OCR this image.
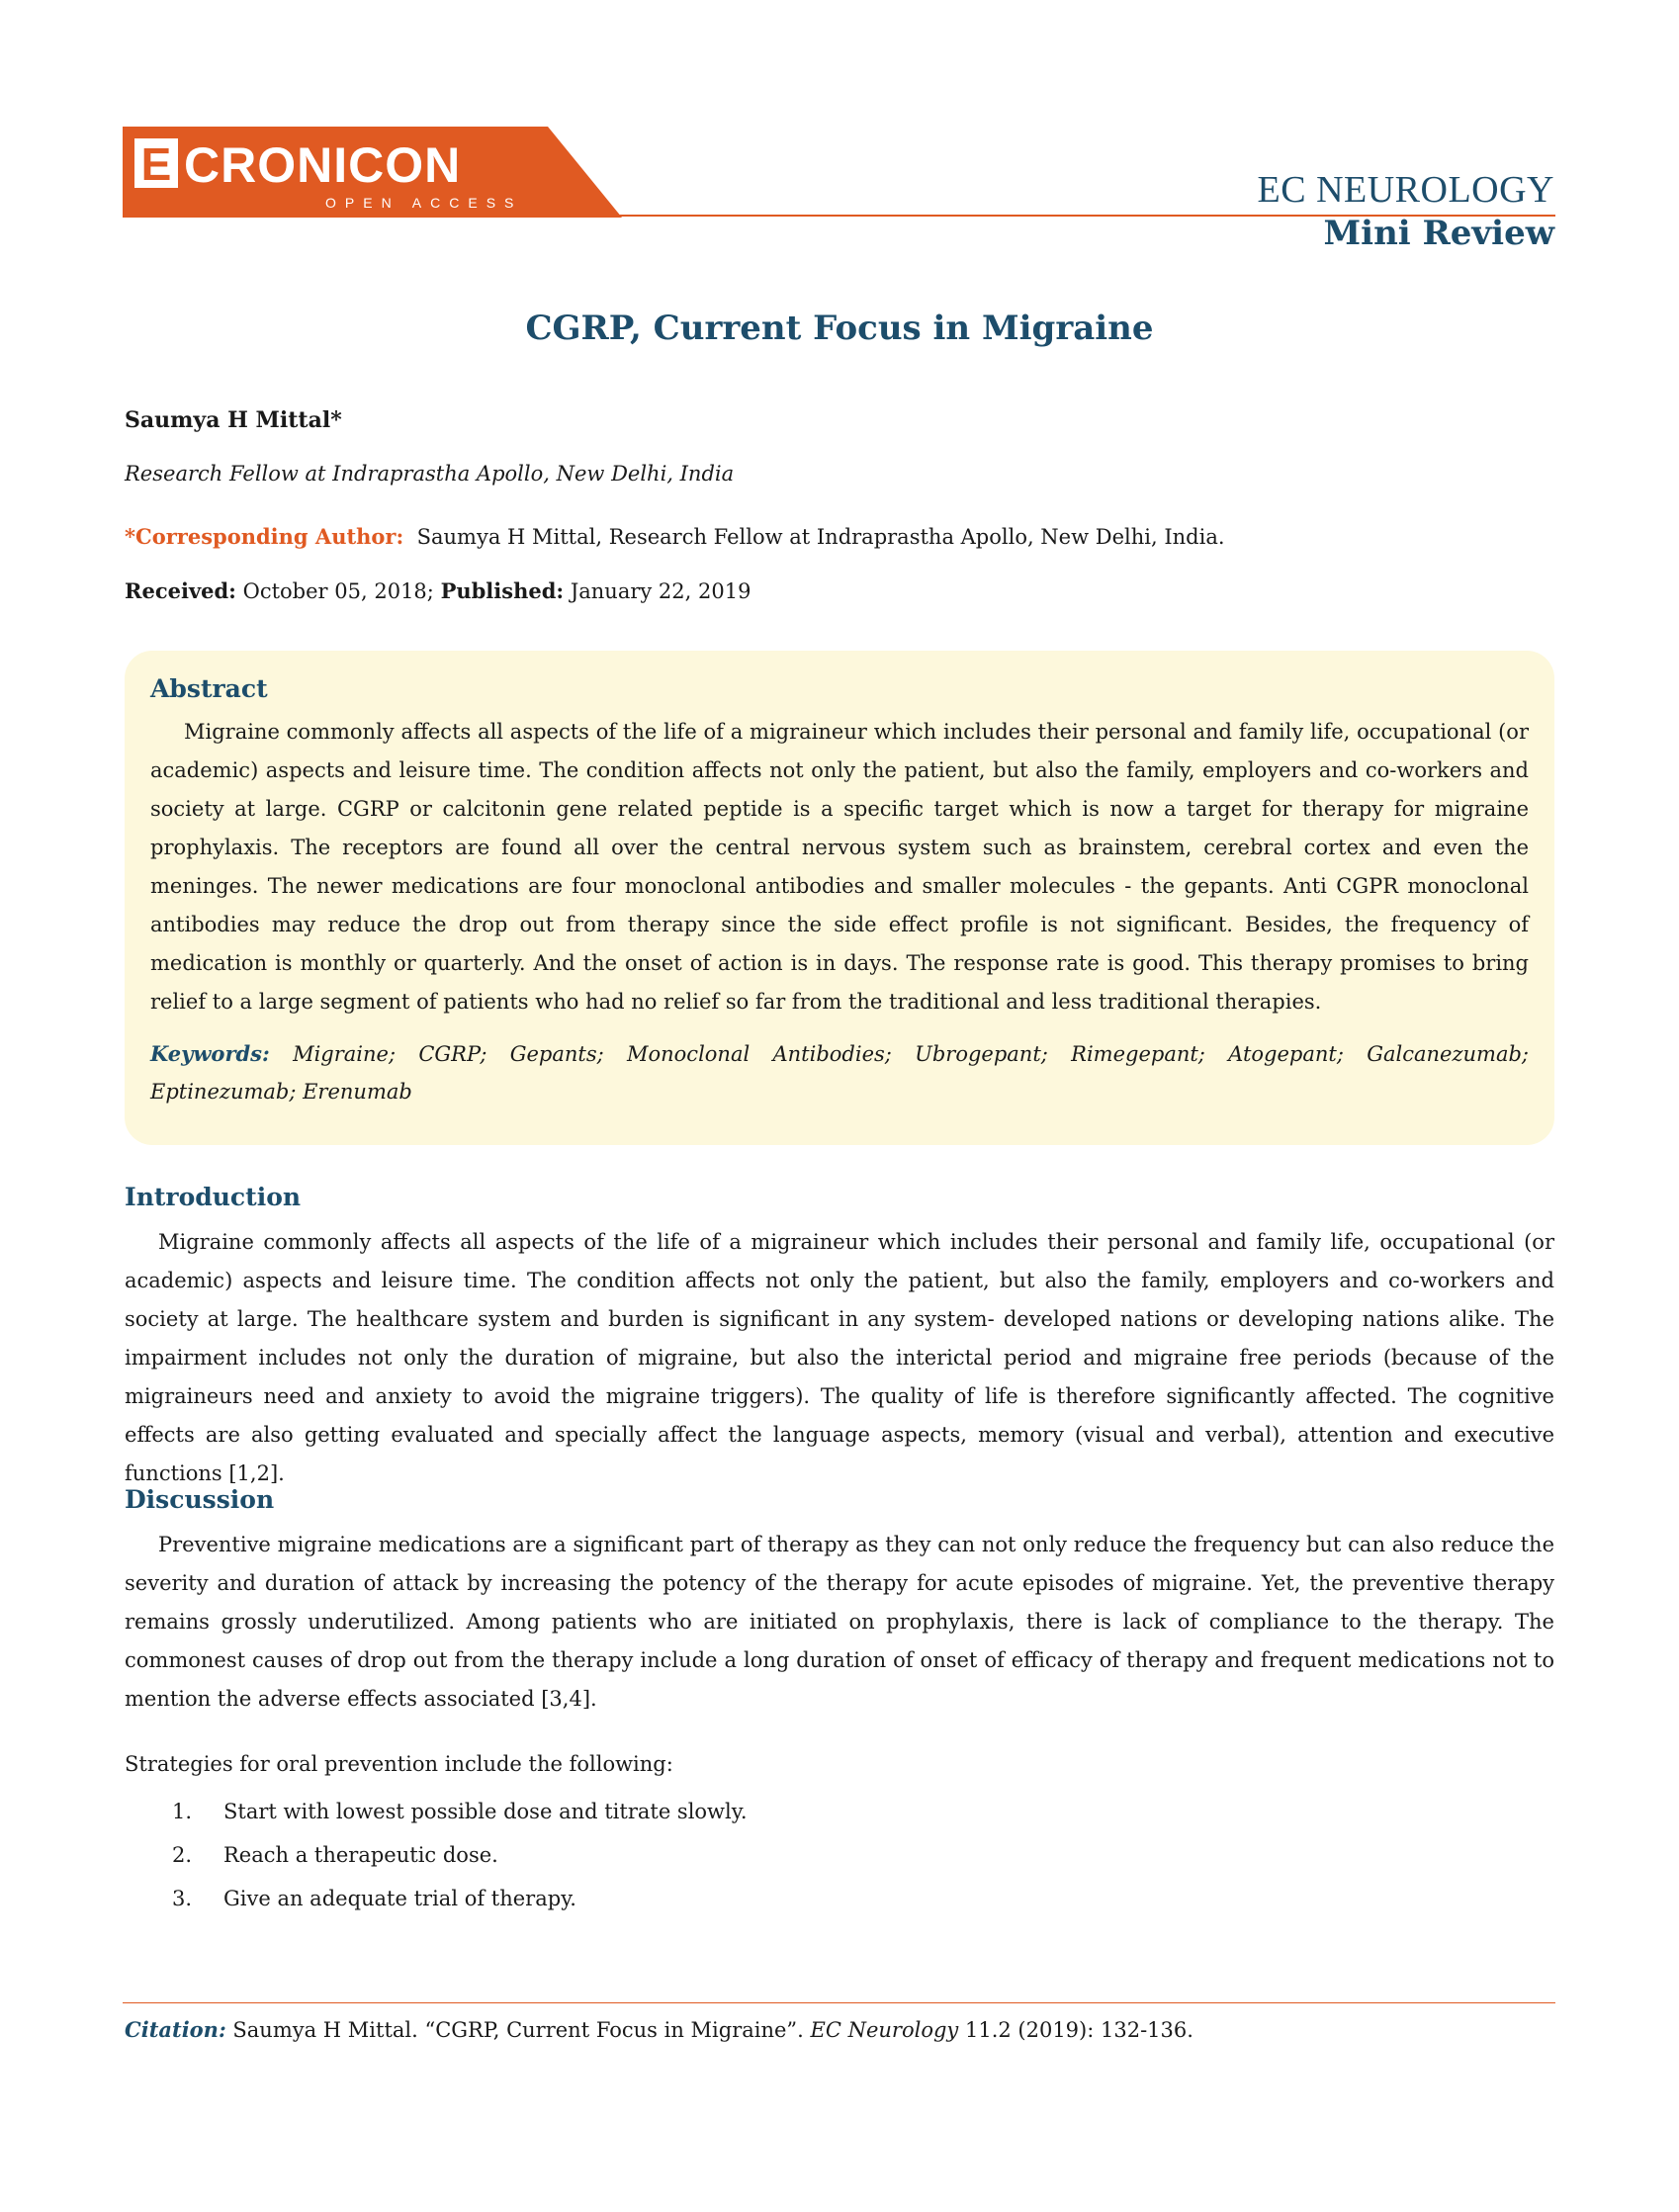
E CRONICON
OPEN ACCESS	EC NEUROLOGY
Mini Review
CGRP, Current Focus in Migraine
Saumya H Mittal*
Research Fellow at Indraprastha Apollo, New Delhi, India
*Corresponding Author: Saumya H Mittal, Research Fellow at Indraprastha Apollo, New Delhi, India.
Received: October 05, 2018; Published: January 22, 2019
Abstract

Migraine commonly affects all aspects of the life of a migraineur which includes their personal and family life, occupational (or academic) aspects and leisure time. The condition affects not only the patient, but also the family, employers and co-workers and society at large. CGRP or calcitonin gene related peptide is a specific target which is now a target for therapy for migraine prophylaxis. The receptors are found all over the central nervous system such as brainstem, cerebral cortex and even the meninges. The newer medications are four monoclonal antibodies and smaller molecules - the gepants. Anti CGPR monoclonal antibodies may reduce the drop out from therapy since the side effect profile is not significant. Besides, the frequency of medication is monthly or quarterly. And the onset of action is in days. The response rate is good. This therapy promises to bring relief to a large segment of patients who had no relief so far from the traditional and less traditional therapies.

Keywords: Migraine; CGRP; Gepants; Monoclonal Antibodies; Ubrogepant; Rimegepant; Atogepant; Galcanezumab; Eptinezumab; Erenumab

Introduction

Migraine commonly affects all aspects of the life of a migraineur which includes their personal and family life, occupational (or academic) aspects and leisure time. The condition affects not only the patient, but also the family, employers and co-workers and society at large. The healthcare system and burden is significant in any system- developed nations or developing nations alike. The impairment includes not only the duration of migraine, but also the interictal period and migraine free periods (because of the migraineurs need and anxiety to avoid the migraine triggers). The quality of life is therefore significantly affected. The cognitive effects are also getting evaluated and specially affect the language aspects, memory (visual and verbal), attention and executive functions [1,2].

Discussion

Preventive migraine medications are a significant part of therapy as they can not only reduce the frequency but can also reduce the severity and duration of attack by increasing the potency of the therapy for acute episodes of migraine. Yet, the preventive therapy remains grossly underutilized. Among patients who are initiated on prophylaxis, there is lack of compliance to the therapy. The commonest causes of drop out from the therapy include a long duration of onset of efficacy of therapy and frequent medications not to mention the adverse effects associated [3,4].

Strategies for oral prevention include the following:
1. Start with lowest possible dose and titrate slowly.
2. Reach a therapeutic dose.
3. Give an adequate trial of therapy.
Citation: Saumya H Mittal. “CGRP, Current Focus in Migraine”. EC Neurology 11.2 (2019): 132-136.
